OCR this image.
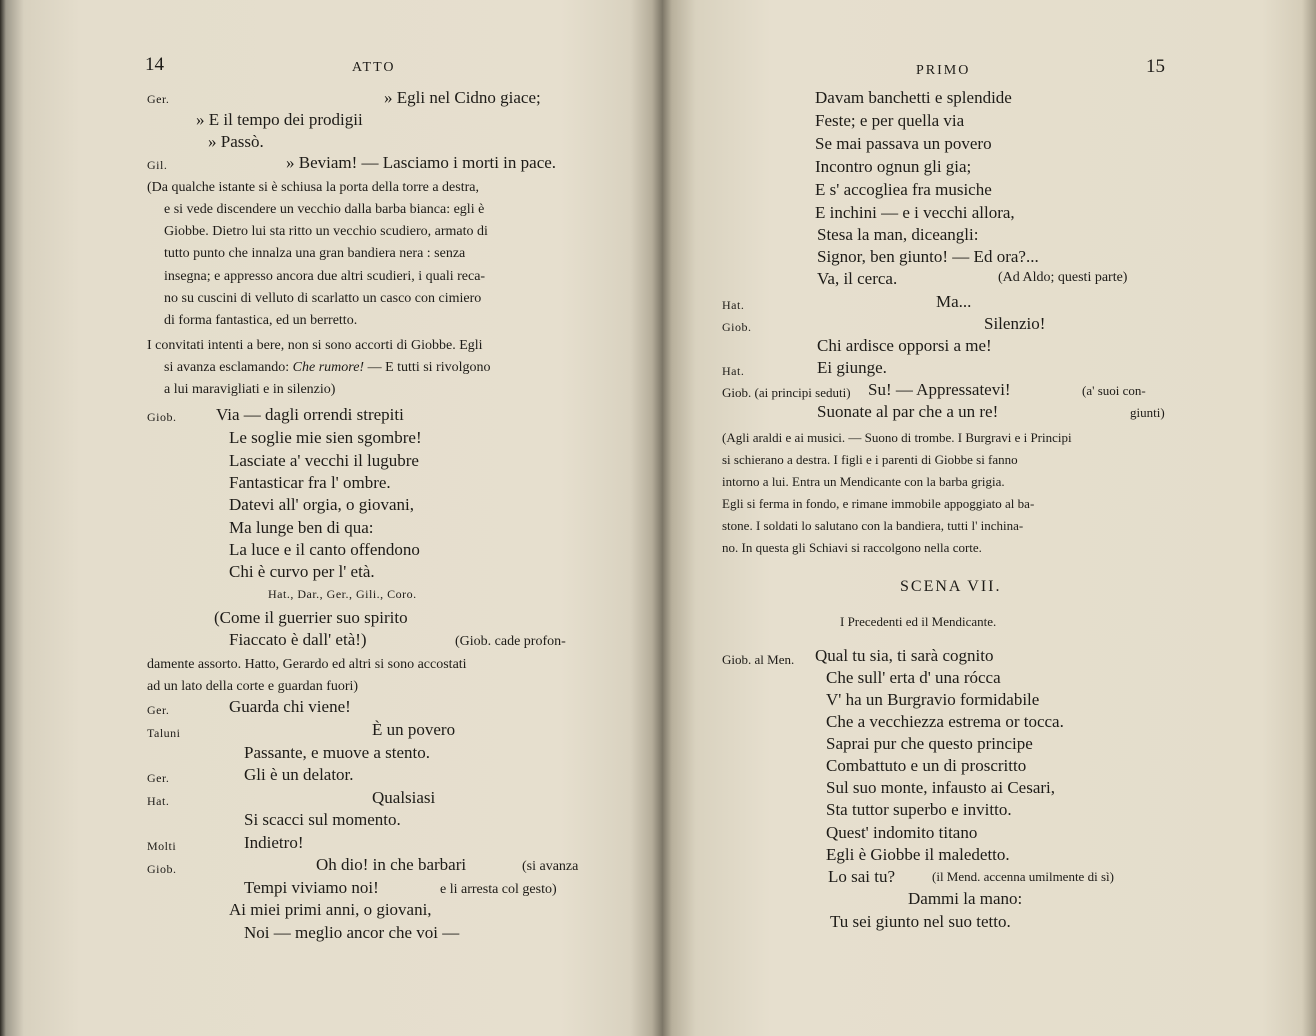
14	ATTO
Ger.	» Egli nel Cidno giace;
» E il tempo dei prodigii
» Passò.
Gil.	» Beviam! — Lasciamo i morti in pace.
(Da qualche istante si è schiusa la porta della torre a destra,
e si vede discendere un vecchio dalla barba bianca: egli è
Giobbe. Dietro lui sta ritto un vecchio scudiero, armato di
tutto punto che innalza una gran bandiera nera : senza
insegna; e appresso ancora due altri scudieri, i quali reca-
no su cuscini di velluto di scarlatto un casco con cimiero
di forma fantastica, ed un berretto.
I convitati intenti a bere, non si sono accorti di Giobbe. Egli
si avanza esclamando: Che rumore! — E tutti si rivolgono
a lui maravigliati e in silenzio)
Giob. Via — dagli orrendi strepiti
Le soglie mie sien sgombre!
Lasciate a' vecchi il lugubre
Fantasticar fra l' ombre.
Datevi all' orgia, o giovani,
Ma lunge ben di qua:
La luce e il canto offendono
Chi è curvo per l' età.
Hat., Dar., Ger., Gili., Coro.
(Come il guerrier suo spirito
Fiaccato è dall' età!)	(Giob. cade profon-
damente assorto. Hatto, Gerardo ed altri si sono accostati
ad un lato della corte e guardan fuori)
Ger.	Guarda chi viene!
Taluni	È un povero
Passante, e muove a stento.
Ger.	Gli è un delator.
Hat.	Qualsiasi
Si scacci sul momento.
Molti	Indietro!
Giob.	Oh dio! in che barbari	(si avanza
Tempi viviamo noi!	e li arresta col gesto)
Ai miei primi anni, o giovani,
Noi — meglio ancor che voi —
PRIMO	15
Davam banchetti e splendide
Feste; e per quella via
Se mai passava un povero
Incontro ognun gli gia;
E s' accogliea fra musiche
E inchini — e i vecchi allora,
Stesa la man, diceangli:
Signor, ben giunto! — Ed ora?...
Va, il cerca.	(Ad Aldo; questi parte)
Hat.	Ma...
Giob.	Silenzio!
Chi ardisce opporsi a me!
Hat.	Ei giunge.
Giob. (ai principi seduti) Su! — Appressatevi!	(a' suoi con-
Suonate al par che a un re!	giunti)
(Agli araldi e ai musici. — Suono di trombe. I Burgravi e i Principi
si schierano a destra. I figli e i parenti di Giobbe si fanno
intorno a lui. Entra un Mendicante con la barba grigia.
Egli si ferma in fondo, e rimane immobile appoggiato al ba-
stone. I soldati lo salutano con la bandiera, tutti l' inchina-
no. In questa gli Schiavi si raccolgono nella corte.
SCENA VII.
I Precedenti ed il Mendicante.
Giob. al Men. Qual tu sia, ti sarà cognito
Che sull' erta d' una rócca
V' ha un Burgravio formidabile
Che a vecchiezza estrema or tocca.
Saprai pur che questo principe
Combattuto e un di proscritto
Sul suo monte, infausto ai Cesari,
Sta tuttor superbo e invitto.
Quest' indomito titano
Egli è Giobbe il maledetto.
Lo sai tu?	(il Mend. accenna umilmente di sì)
Dammi la mano:
Tu sei giunto nel suo tetto.
